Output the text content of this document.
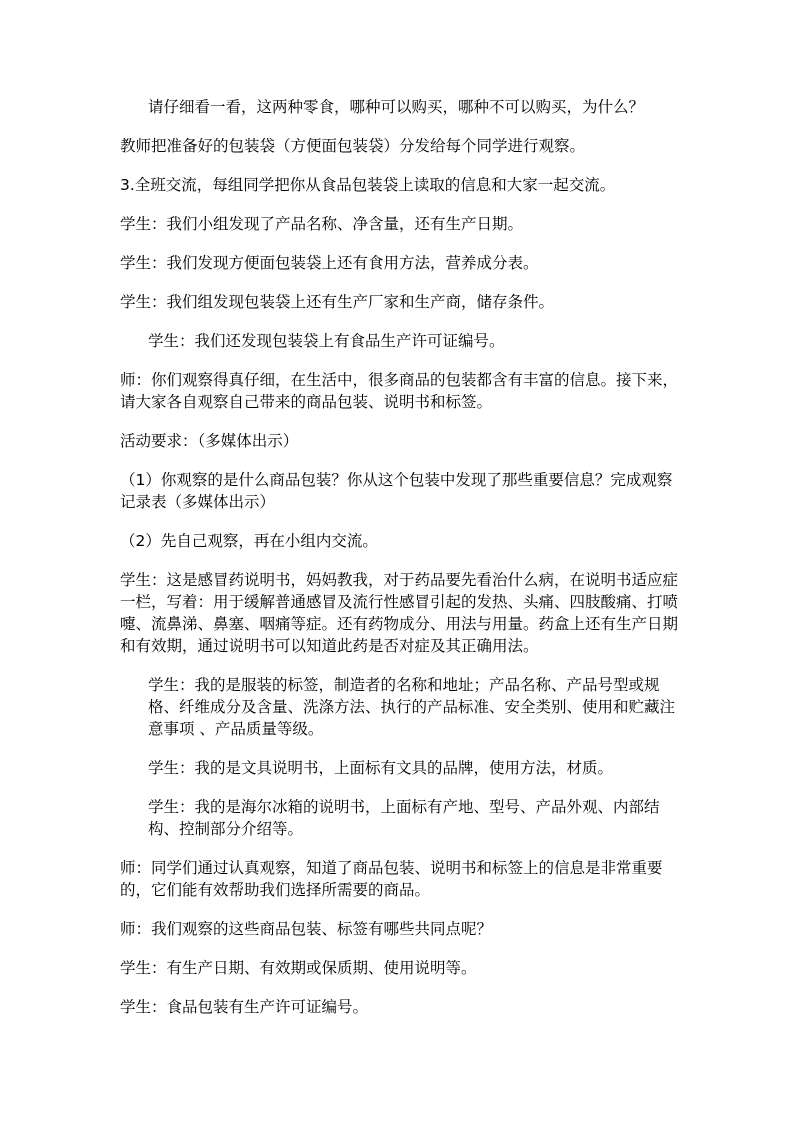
请仔细看一看，这两种零食，哪种可以购买，哪种不可以购买，为什么？

教师把准备好的包装袋（方便面包装袋）分发给每个同学进行观察。

3.全班交流，每组同学把你从食品包装袋上读取的信息和大家一起交流。

学生：我们小组发现了产品名称、净含量，还有生产日期。

学生：我们发现方便面包装袋上还有食用方法，营养成分表。

学生：我们组发现包装袋上还有生产厂家和生产商，储存条件。

学生：我们还发现包装袋上有食品生产许可证编号。

师：你们观察得真仔细，在生活中，很多商品的包装都含有丰富的信息。接下来，请大家各自观察自己带来的商品包装、说明书和标签。

活动要求：（多媒体出示）

（1）你观察的是什么商品包装？你从这个包装中发现了那些重要信息？完成观察记录表（多媒体出示）

（2）先自己观察，再在小组内交流。

学生：这是感冒药说明书，妈妈教我，对于药品要先看治什么病，在说明书适应症一栏，写着：用于缓解普通感冒及流行性感冒引起的发热、头痛、四肢酸痛、打喷嚏、流鼻涕、鼻塞、咽痛等症。还有药物成分、用法与用量。药盒上还有生产日期和有效期，通过说明书可以知道此药是否对症及其正确用法。

学生：我的是服装的标签，制造者的名称和地址；产品名称、产品号型或规格、纤维成分及含量、洗涤方法、执行的产品标准、安全类别、使用和贮藏注意事项 、产品质量等级。

学生：我的是文具说明书，上面标有文具的品牌，使用方法，材质。

学生：我的是海尔冰箱的说明书，上面标有产地、型号、产品外观、内部结构、控制部分介绍等。

师：同学们通过认真观察，知道了商品包装、说明书和标签上的信息是非常重要的，它们能有效帮助我们选择所需要的商品。

师：我们观察的这些商品包装、标签有哪些共同点呢？

学生：有生产日期、有效期或保质期、使用说明等。

学生：食品包装有生产许可证编号。
